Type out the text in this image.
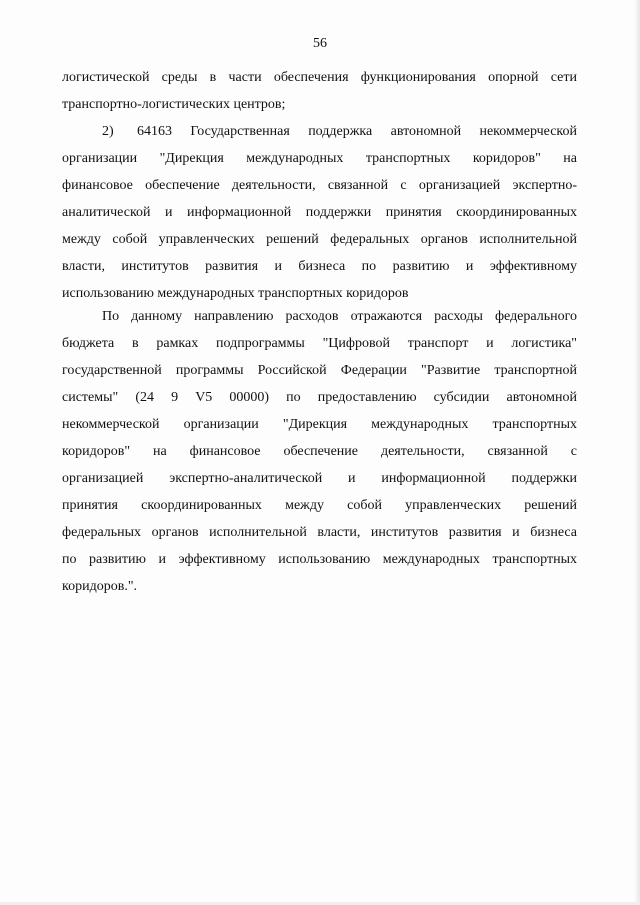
56
логистической среды в части обеспечения функционирования опорной сети
транспортно-логистических центров;
2) 64163 Государственная поддержка автономной некоммерческой
организации "Дирекция международных транспортных коридоров" на
финансовое обеспечение деятельности, связанной с организацией экспертно-
аналитической и информационной поддержки принятия скоординированных
между собой управленческих решений федеральных органов исполнительной
власти, институтов развития и бизнеса по развитию и эффективному
использованию международных транспортных коридоров
По данному направлению расходов отражаются расходы федерального
бюджета в рамках подпрограммы "Цифровой транспорт и логистика"
государственной программы Российской Федерации "Развитие транспортной
системы" (24 9 V5 00000) по предоставлению субсидии автономной
некоммерческой организации "Дирекция международных транспортных
коридоров" на финансовое обеспечение деятельности, связанной с
организацией экспертно-аналитической и информационной поддержки
принятия скоординированных между собой управленческих решений
федеральных органов исполнительной власти, институтов развития и бизнеса
по развитию и эффективному использованию международных транспортных
коридоров.".
